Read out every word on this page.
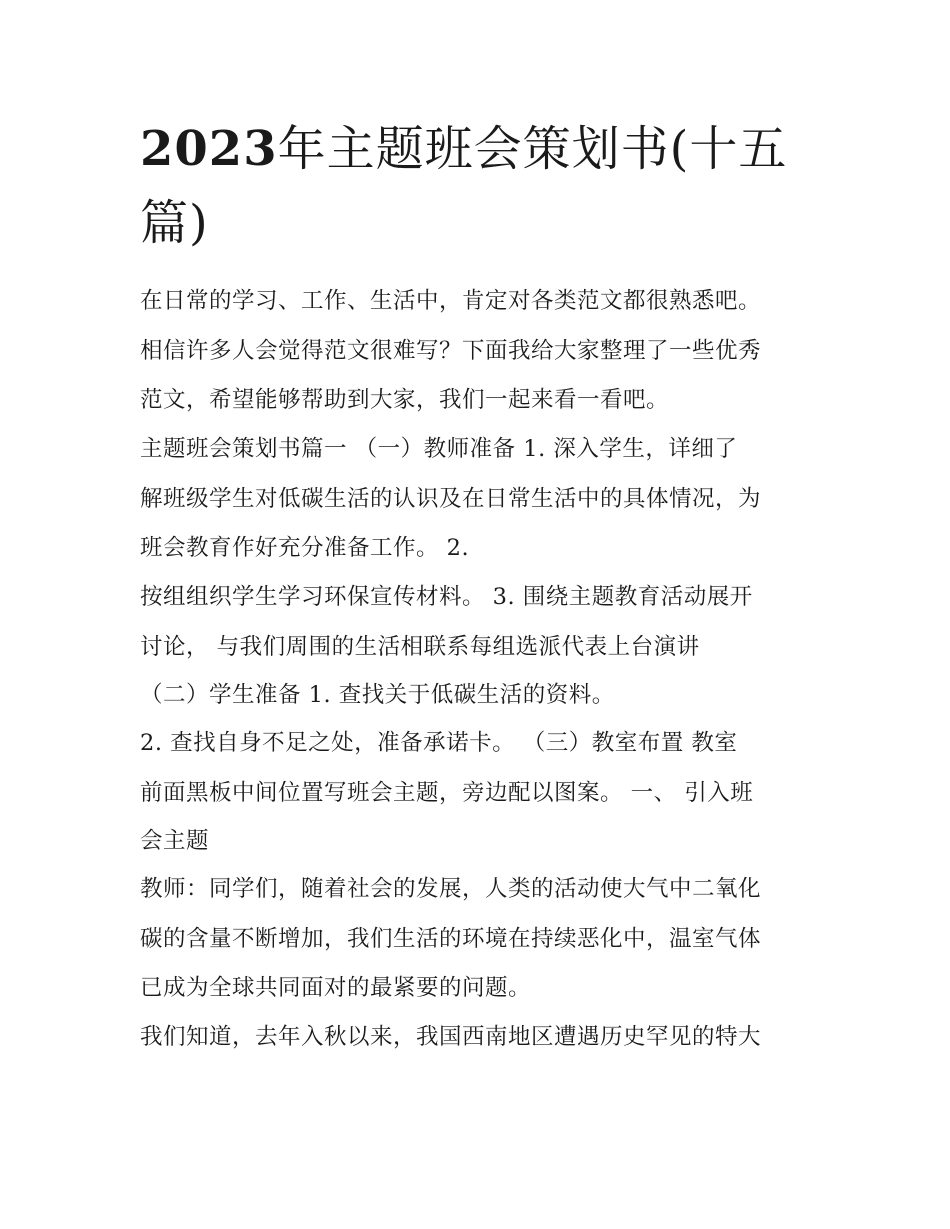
2023年主题班会策划书(十五
篇)
在日常的学习、工作、生活中，肯定对各类范文都很熟悉吧。
相信许多人会觉得范文很难写？下面我给大家整理了一些优秀
范文，希望能够帮助到大家，我们一起来看一看吧。
主题班会策划书篇一 （一）教师准备 1. 深入学生，详细了
解班级学生对低碳生活的认识及在日常生活中的具体情况，为
班会教育作好充分准备工作。 2.
按组组织学生学习环保宣传材料。 3. 围绕主题教育活动展开
讨论， 与我们周围的生活相联系每组选派代表上台演讲
（二）学生准备 1. 查找关于低碳生活的资料。
2. 查找自身不足之处，准备承诺卡。 （三）教室布置 教室
前面黑板中间位置写班会主题，旁边配以图案。 一、 引入班
会主题
教师：同学们，随着社会的发展，人类的活动使大气中二氧化
碳的含量不断增加，我们生活的环境在持续恶化中，温室气体
已成为全球共同面对的最紧要的问题。
我们知道，去年入秋以来，我国西南地区遭遇历史罕见的特大
